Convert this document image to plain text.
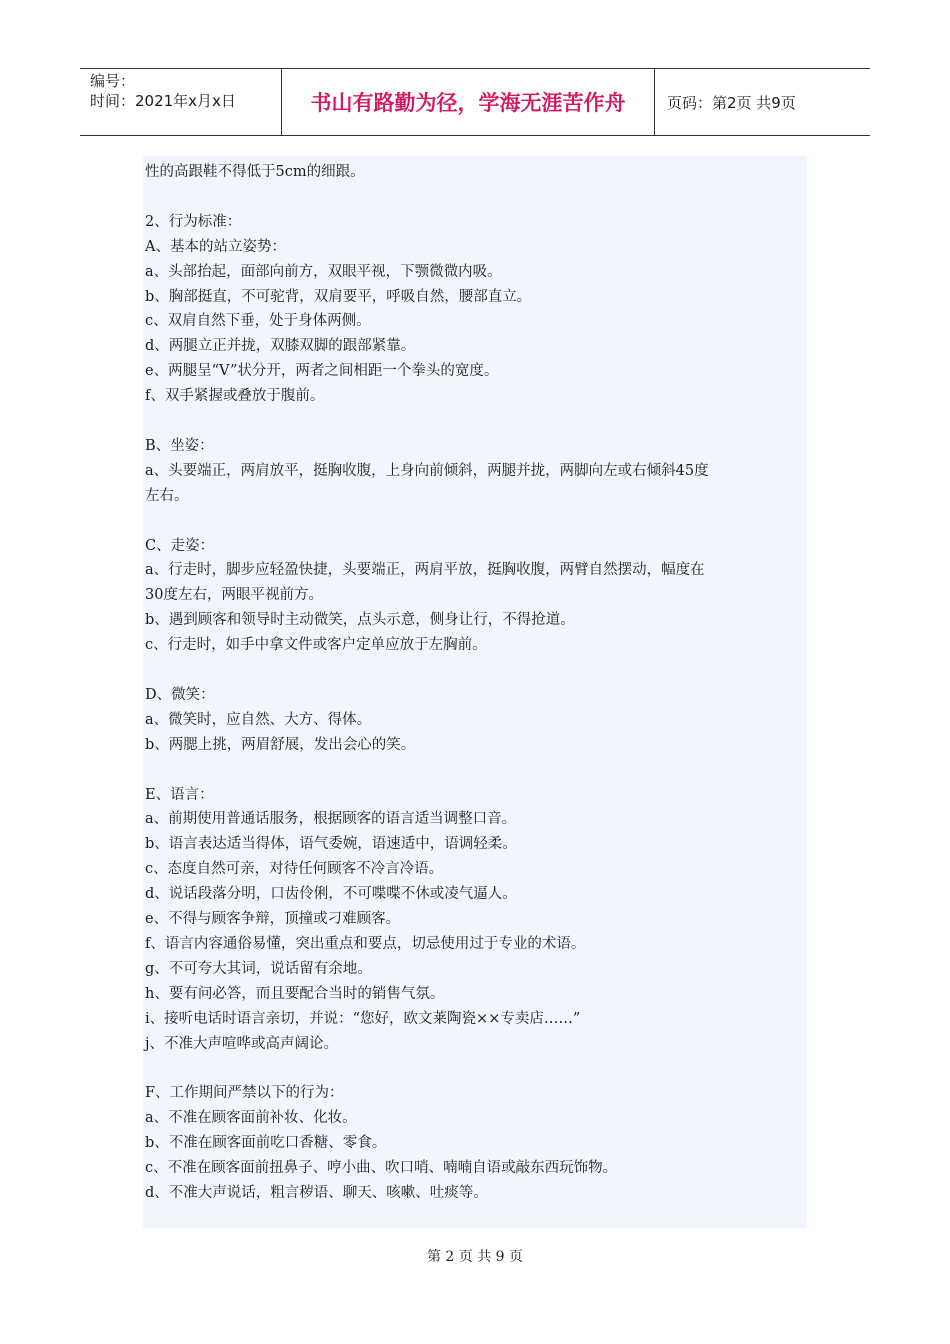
编号：
时间：2021年x月x日	书山有路勤为径，学海无涯苦作舟	页码：第2页 共9页
性的高跟鞋不得低于5cm的细跟。
2、行为标准：
A、基本的站立姿势：
a、头部抬起，面部向前方，双眼平视，下颚微微内吸。
b、胸部挺直，不可驼背，双肩要平，呼吸自然，腰部直立。
c、双肩自然下垂，处于身体两侧。
d、两腿立正并拢，双膝双脚的跟部紧靠。
e、两腿呈“V”状分开，两者之间相距一个拳头的宽度。
f、双手紧握或叠放于腹前。
B、坐姿：
a、头要端正，两肩放平，挺胸收腹，上身向前倾斜，两腿并拢，两脚向左或右倾斜45度
左右。
C、走姿：
a、行走时，脚步应轻盈快捷，头要端正，两肩平放，挺胸收腹，两臂自然摆动，幅度在
30度左右，两眼平视前方。
b、遇到顾客和领导时主动微笑，点头示意，侧身让行，不得抢道。
c、行走时，如手中拿文件或客户定单应放于左胸前。
D、微笑：
a、微笑时，应自然、大方、得体。
b、两腮上挑，两眉舒展，发出会心的笑。
E、语言：
a、前期使用普通话服务，根据顾客的语言适当调整口音。
b、语言表达适当得体，语气委婉，语速适中，语调轻柔。
c、态度自然可亲，对待任何顾客不冷言冷语。
d、说话段落分明，口齿伶俐，不可喋喋不休或凌气逼人。
e、不得与顾客争辩，顶撞或刁难顾客。
f、语言内容通俗易懂，突出重点和要点，切忌使用过于专业的术语。
g、不可夸大其词，说话留有余地。
h、要有问必答，而且要配合当时的销售气氛。
i、接听电话时语言亲切，并说：“您好，欧文莱陶瓷××专卖店……”
j、不准大声喧哗或高声阔论。
F、工作期间严禁以下的行为：
a、不准在顾客面前补妆、化妆。
b、不准在顾客面前吃口香糖、零食。
c、不准在顾客面前扭鼻子、哼小曲、吹口哨、喃喃自语或敲东西玩饰物。
d、不准大声说话，粗言秽语、聊天、咳嗽、吐痰等。
第 2 页 共 9 页
